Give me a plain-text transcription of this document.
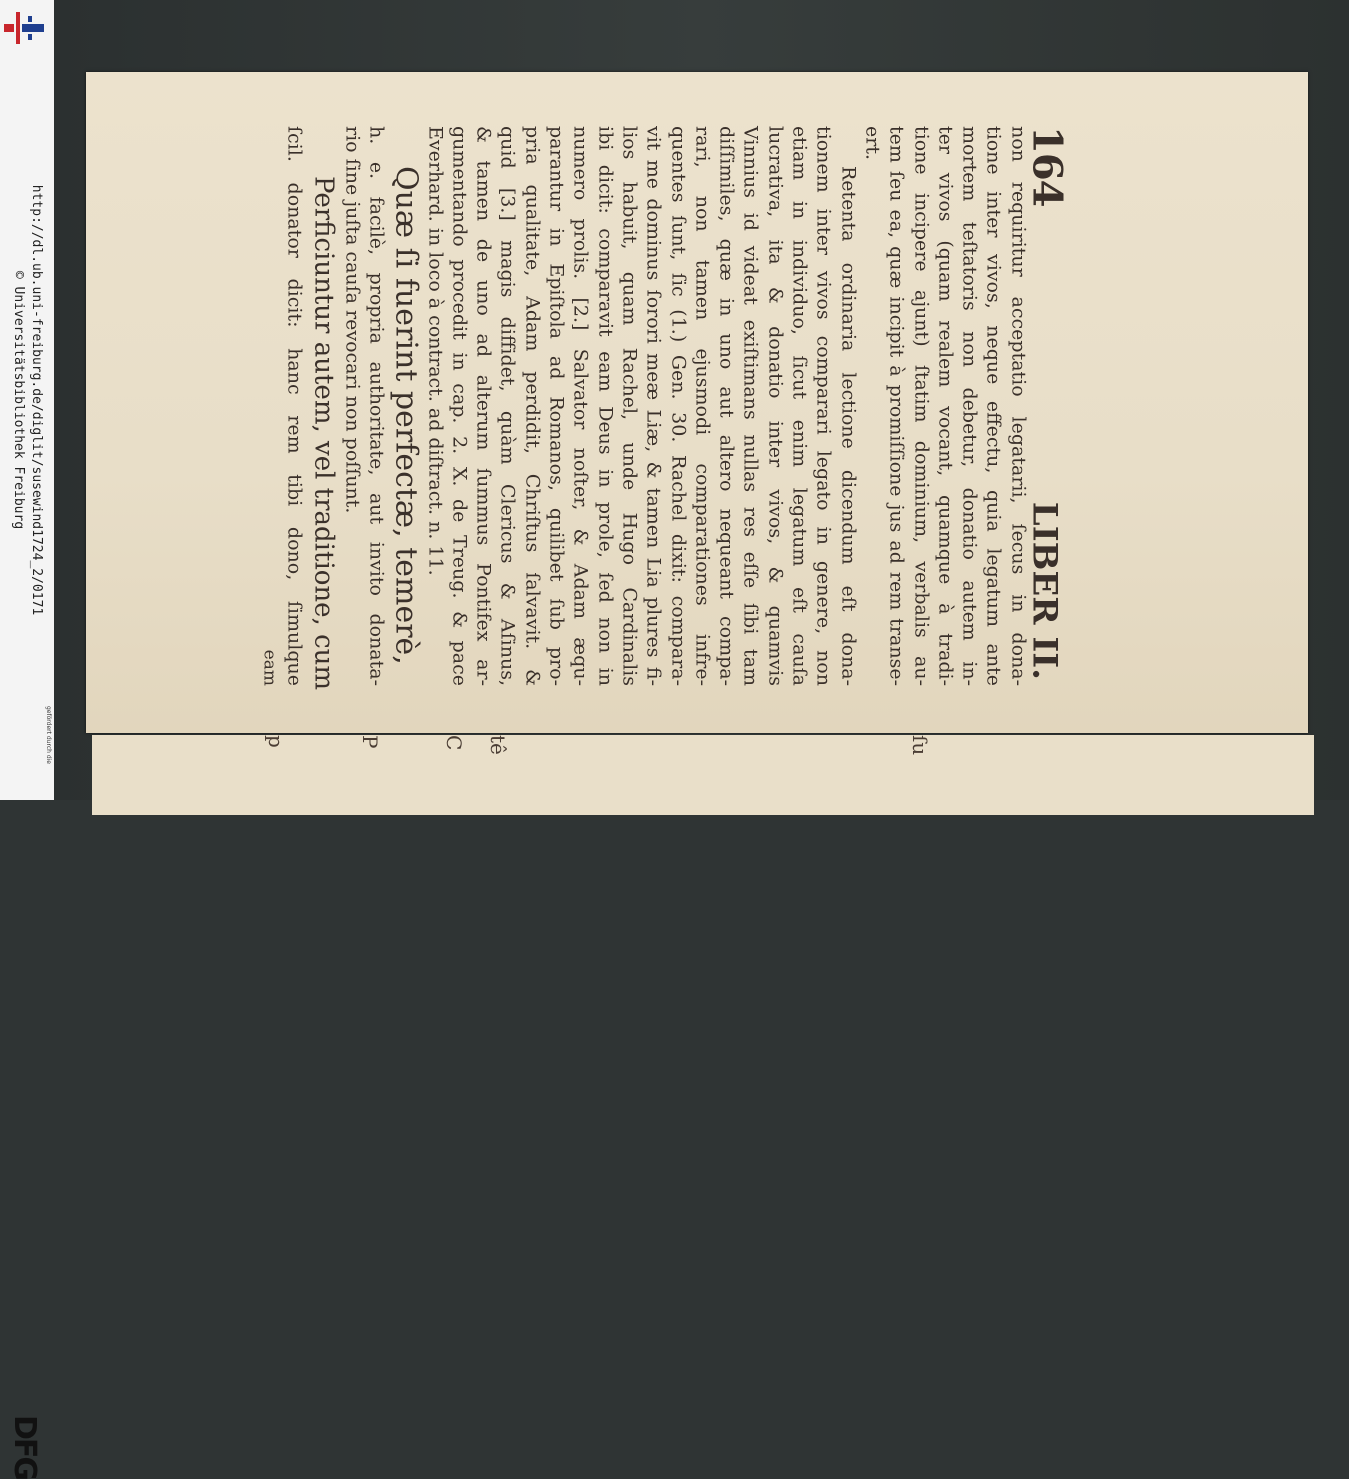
http://dl.ub.uni-freiburg.de/diglit/susewind1724_2/0171
© Universitätsbibliothek Freiburg
DFG
gefördert durch die
164
LIBER II.

non requiritur acceptatio legatarii, ſecus in dona-
tione inter vivos, neque effectu, quia legatum ante
mortem teſtatoris non debetur, donatio autem in-
ter vivos (quam realem vocant, quamque à tradi-
tione incipere ajunt) ſtatim dominium, verbalis au-
tem ſeu ea, quæ incipit à promiſſione jus ad rem transe-
ert.
Retenta ordinaria lectione dicendum eſt dona-
tionem inter vivos comparari legato in genere, non
etiam in individuo, ſicut enim legatum eſt cauſa
lucrativa, ita & donatio inter vivos, & quamvis
Vinnius id videat exiſtimans nullas res eſſe ſibi tam
diſſimiles, quæ in uno aut altero nequeant compa-
rari, non tamen ejusmodi comparationes infre-
quentes ſunt, ſic (1.) Gen. 30. Rachel dixit: compara-
vit me dominus ſorori meæ Liæ, & tamen Lia plures fi-
lios habuit, quam Rachel, unde Hugo Cardinalis
ibi dicit: comparavit eam Deus in prole, ſed non in
numero prolis. [2.] Salvator noſter, & Adam æqu-
parantur in Epiſtola ad Romanos, quilibet ſub pro-
pria qualitate, Adam perdidit, Chriſtus ſalvavit. &
quid [3.] magis diffidet, quàm Clericus & Aſinus,
& tamen de uno ad alterum ſummus Pontifex ar-
gumentando procedit in cap. 2. X. de Treug. & pace
Everhard. in loco à contract. ad diſtract. n. 11.

Quæ ſi fuerint perfectæ, temerè,
h. e. facilè, propria authoritate, aut invito donata-
rio ſine juſta cauſa revocari non poſſunt.
Perficiuntur autem, vel traditione, cum
ſcil. donator dicit: hanc rem tibi dono, ſimulque
eam
ſu
tê
C
P
p
